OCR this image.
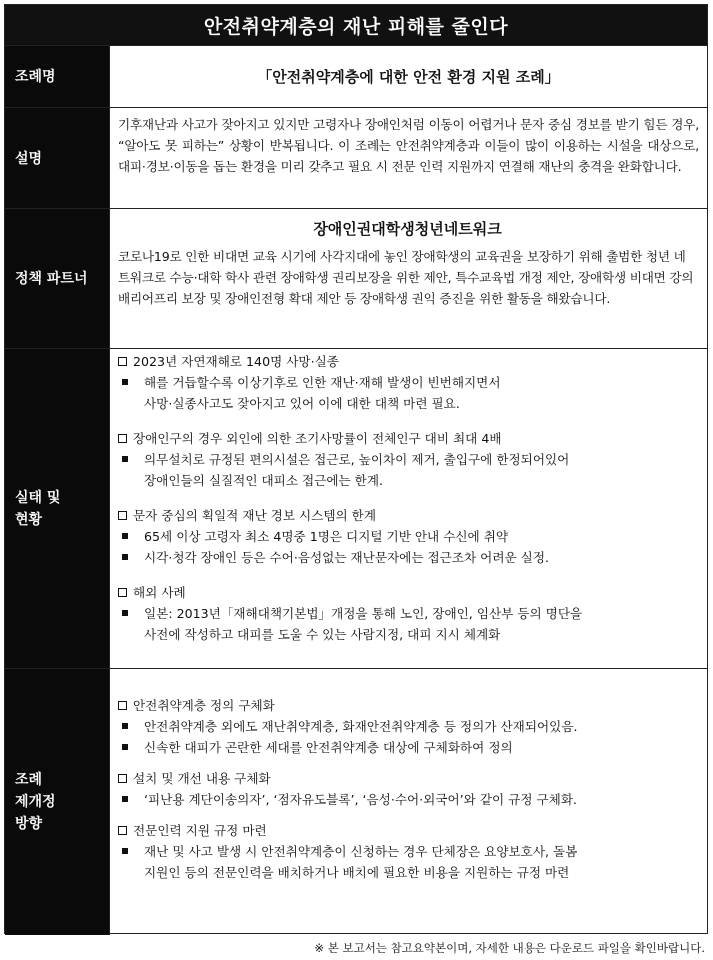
안전취약계층의 재난 피해를 줄인다
조례명	「안전취약계층에 대한 안전 환경 지원 조례」
설명
기후재난과 사고가 잦아지고 있지만 고령자나 장애인처럼 이동이 어렵거나 문자 중심 경보를 받기 힘든 경우, “알아도 못 피하는” 상황이 반복됩니다. 이 조례는 안전취약계층과 이들이 많이 이용하는 시설을 대상으로, 대피·경보·이동을 돕는 환경을 미리 갖추고 필요 시 전문 인력 지원까지 연결해 재난의 충격을 완화합니다.
정책 파트너
장애인권대학생청년네트워크
코로나19로 인한 비대면 교육 시기에 사각지대에 놓인 장애학생의 교육권을 보장하기 위해 출범한 청년 네트워크로 수능·대학 학사 관련 장애학생 권리보장을 위한 제안, 특수교육법 개정 제안, 장애학생 비대면 강의 배리어프리 보장 및 장애인전형 확대 제안 등 장애학생 권익 증진을 위한 활동을 해왔습니다.
실태 및
현황
2023년 자연재해로 140명 사망·실종
해를 거듭할수록 이상기후로 인한 재난·재해 발생이 빈번해지면서
사망·실종사고도 잦아지고 있어 이에 대한 대책 마련 필요.
장애인구의 경우 외인에 의한 조기사망률이 전체인구 대비 최대 4배
의무설치로 규정된 편의시설은 접근로, 높이차이 제거, 출입구에 한정되어있어
장애인들의 실질적인 대피소 접근에는 한계.
문자 중심의 획일적 재난 경보 시스템의 한계
65세 이상 고령자 최소 4명중 1명은 디지털 기반 안내 수신에 취약
시각·청각 장애인 등은 수어·음성없는 재난문자에는 접근조차 어려운 실정.
해외 사례
일본: 2013년「재해대책기본법」개정을 통해 노인, 장애인, 임산부 등의 명단을
사전에 작성하고 대피를 도울 수 있는 사람지정, 대피 지시 체계화
조례
제개정
방향
안전취약계층 정의 구체화
안전취약계층 외에도 재난취약계층, 화재안전취약계층 등 정의가 산재되어있음.
신속한 대피가 곤란한 세대를 안전취약계층 대상에 구체화하여 정의
설치 및 개선 내용 구체화
‘피난용 계단이송의자’, ‘점자유도블록’, ‘음성·수어·외국어’와 같이 규정 구체화.
전문인력 지원 규정 마련
재난 및 사고 발생 시 안전취약계층이 신청하는 경우 단체장은 요양보호사, 돌봄
지원인 등의 전문인력을 배치하거나 배치에 필요한 비용을 지원하는 규정 마련
※ 본 보고서는 참고요약본이며, 자세한 내용은 다운로드 파일을 확인바랍니다.
